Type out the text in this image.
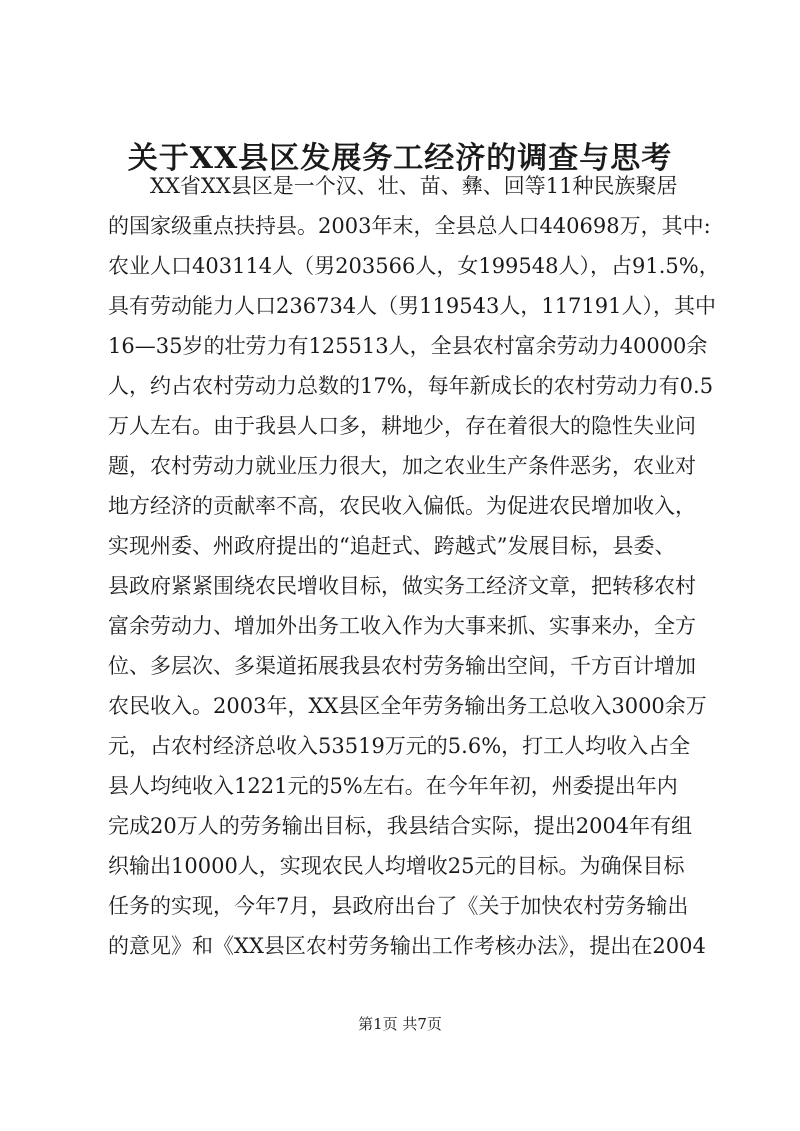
关于XX县区发展务工经济的调查与思考
XX省XX县区是一个汉、壮、苗、彝、回等11种民族聚居
的国家级重点扶持县。2003年末，全县总人口440698万，其中:
农业人口403114人（男203566人，女199548人），占91.5%，
具有劳动能力人口236734人（男119543人，117191人），其中
16—35岁的壮劳力有125513人，全县农村富余劳动力40000余
人，约占农村劳动力总数的17%，每年新成长的农村劳动力有0.5
万人左右。由于我县人口多，耕地少，存在着很大的隐性失业问
题，农村劳动力就业压力很大，加之农业生产条件恶劣，农业对
地方经济的贡献率不高，农民收入偏低。为促进农民增加收入，
实现州委、州政府提出的“追赶式、跨越式”发展目标，县委、
县政府紧紧围绕农民增收目标，做实务工经济文章，把转移农村
富余劳动力、增加外出务工收入作为大事来抓、实事来办，全方
位、多层次、多渠道拓展我县农村劳务输出空间，千方百计增加
农民收入。2003年，XX县区全年劳务输出务工总收入3000余万
元，占农村经济总收入53519万元的5.6%，打工人均收入占全
县人均纯收入1221元的5%左右。在今年年初，州委提出年内
完成20万人的劳务输出目标，我县结合实际，提出2004年有组
织输出10000人，实现农民人均增收25元的目标。为确保目标
任务的实现，今年7月，县政府出台了《关于加快农村劳务输出
的意见》和《XX县区农村劳务输出工作考核办法》，提出在2004
第1页 共7页
